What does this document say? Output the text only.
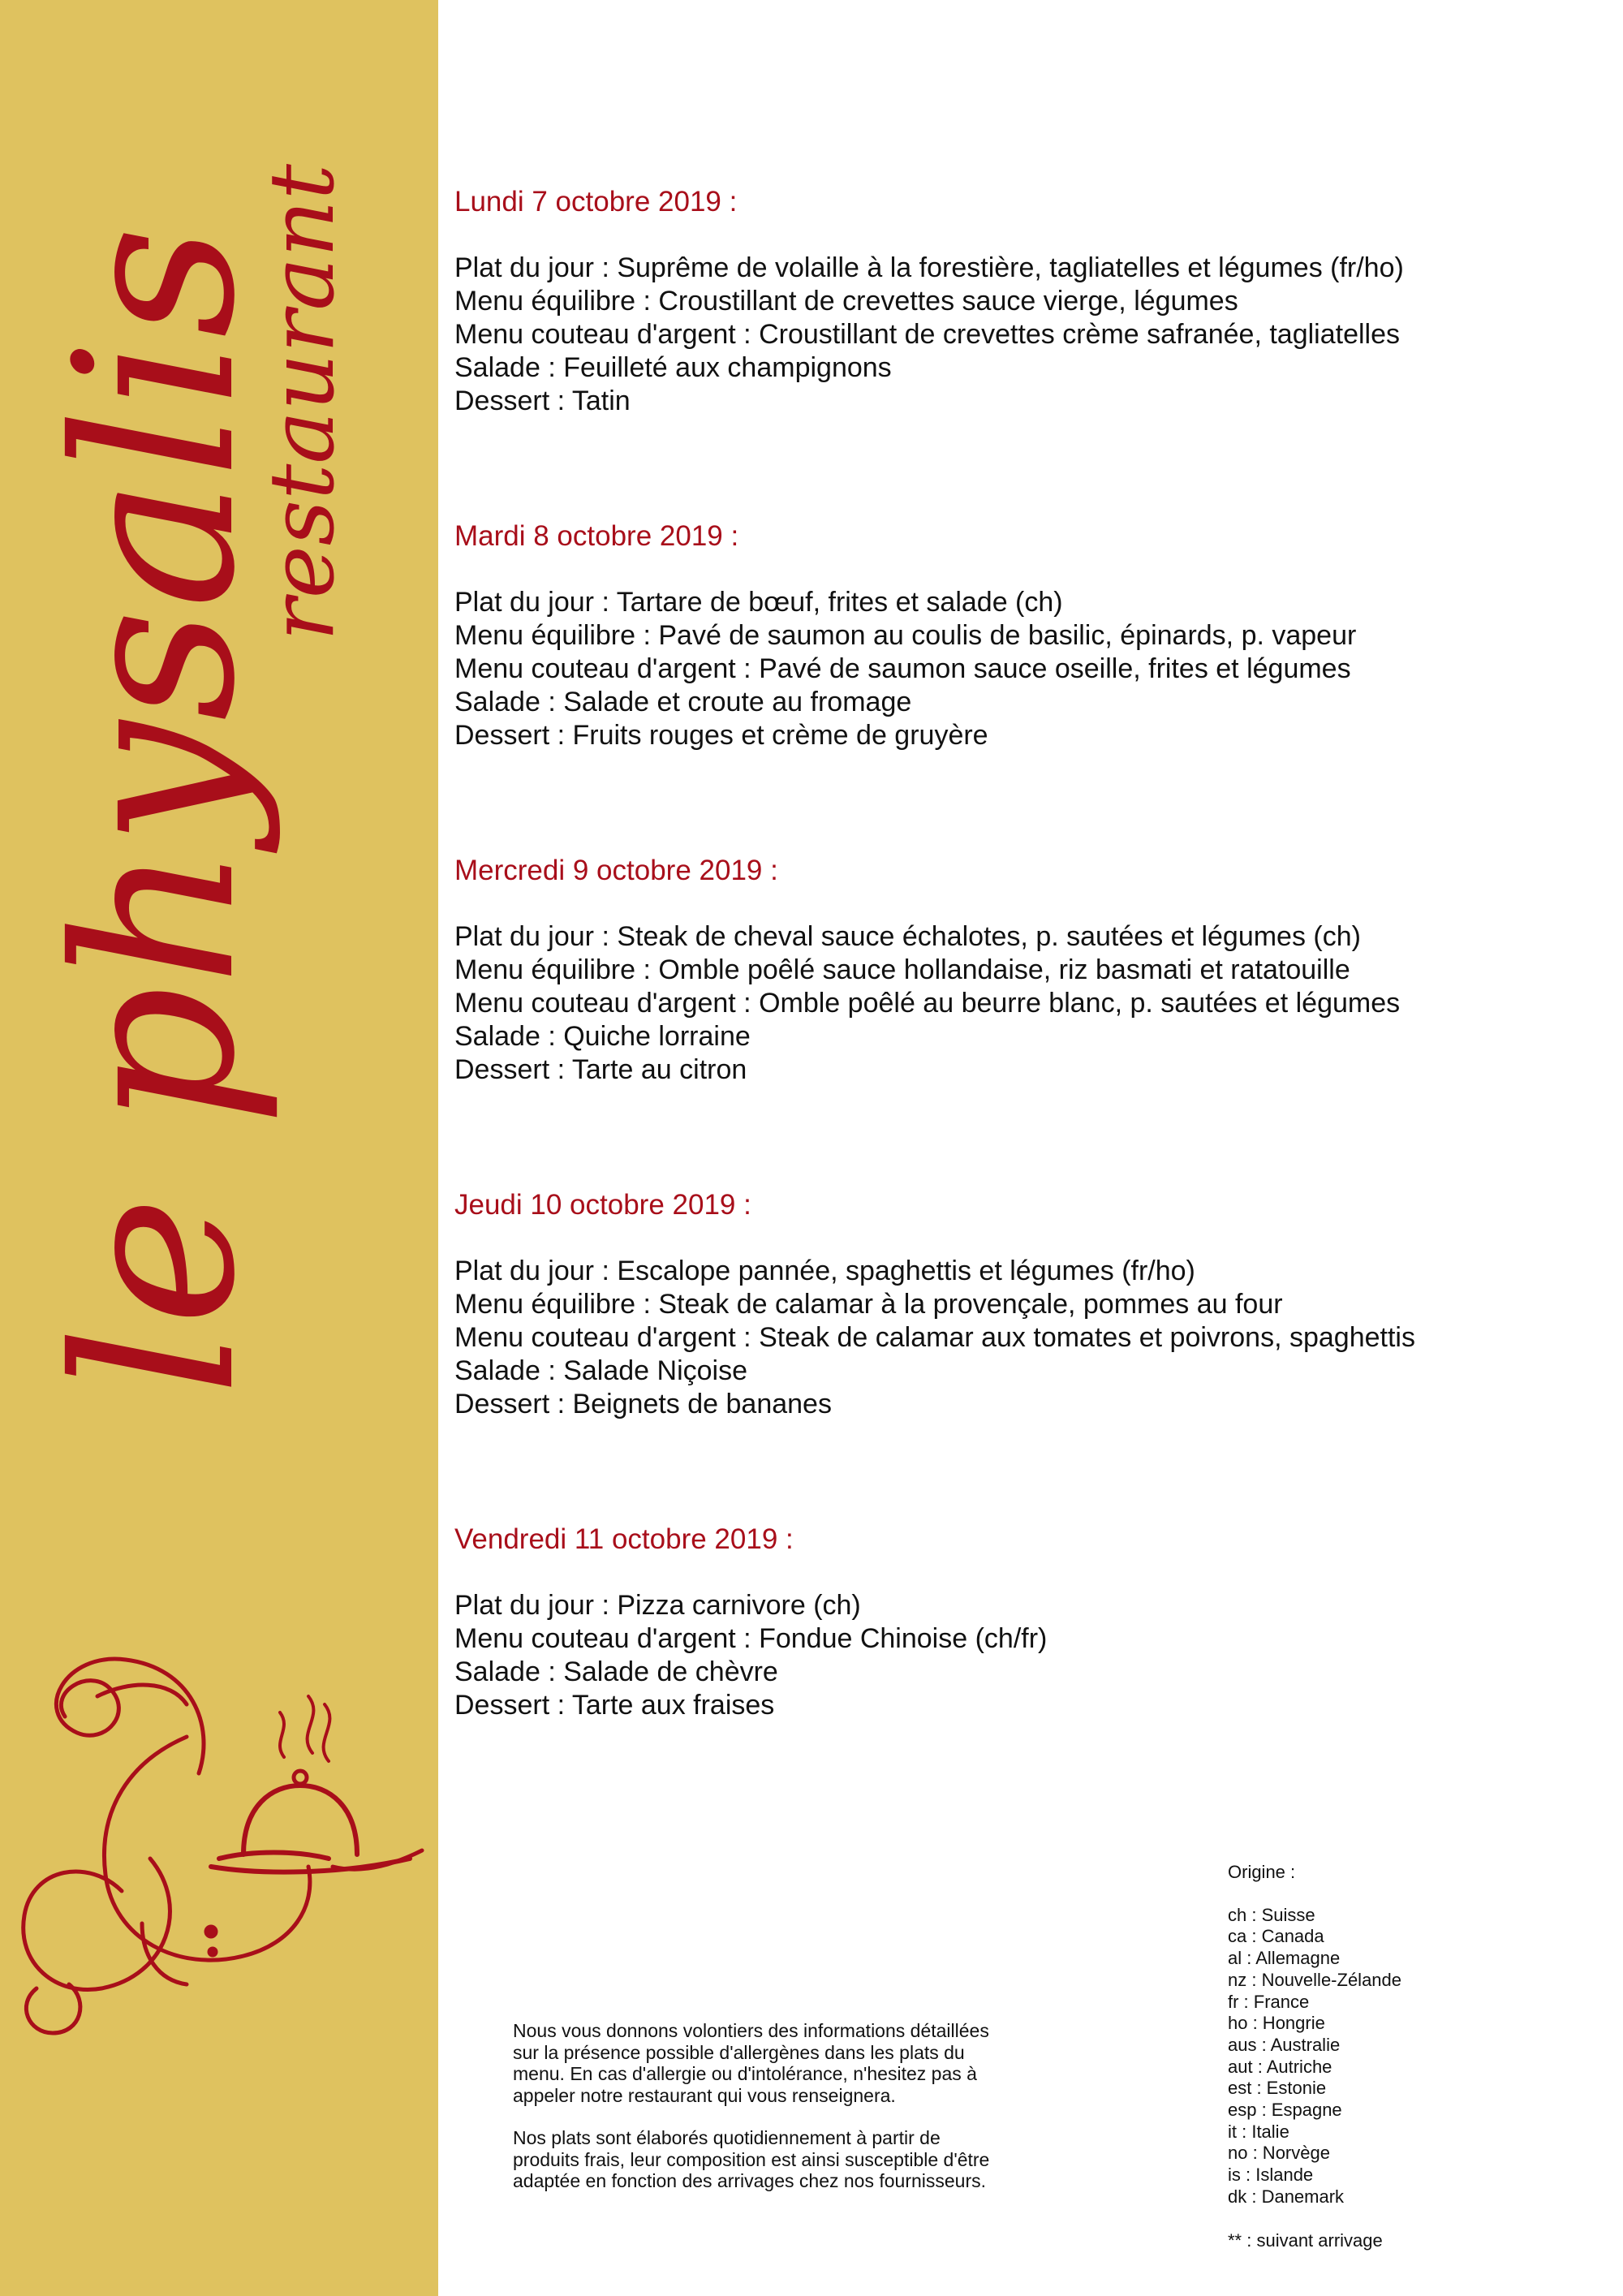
le physalis
restaurant	Lundi 7 octobre 2019 :
Plat du jour : Suprême de volaille à la forestière, tagliatelles et légumes (fr/ho)
Menu équilibre : Croustillant de crevettes sauce vierge, légumes
Menu couteau d'argent : Croustillant de crevettes crème safranée, tagliatelles
Salade : Feuilleté aux champignons
Dessert : Tatin
Mardi 8 octobre 2019 :
Plat du jour : Tartare de bœuf, frites et salade (ch)
Menu équilibre : Pavé de saumon au coulis de basilic, épinards, p. vapeur
Menu couteau d'argent : Pavé de saumon sauce oseille, frites et légumes
Salade : Salade et croute au fromage
Dessert : Fruits rouges et crème de gruyère
Mercredi 9 octobre 2019 :
Plat du jour : Steak de cheval sauce échalotes, p. sautées et légumes (ch)
Menu équilibre : Omble poêlé sauce hollandaise, riz basmati et ratatouille
Menu couteau d'argent : Omble poêlé au beurre blanc, p. sautées et légumes
Salade : Quiche lorraine
Dessert : Tarte au citron
Jeudi 10 octobre 2019 :
Plat du jour : Escalope pannée, spaghettis et légumes (fr/ho)
Menu équilibre : Steak de calamar à la provençale, pommes au four
Menu couteau d'argent : Steak de calamar aux tomates et poivrons, spaghettis
Salade : Salade Niçoise
Dessert : Beignets de bananes
Vendredi 11 octobre 2019 :
Plat du jour : Pizza carnivore (ch)
Menu couteau d'argent : Fondue Chinoise (ch/fr)
Salade : Salade de chèvre
Dessert : Tarte aux fraises

Nous vous donnons volontiers des informations détaillées
sur la présence possible d'allergènes dans les plats du
menu. En cas d'allergie ou d'intolérance, n'hesitez pas à
appeler notre restaurant qui vous renseignera.

Nos plats sont élaborés quotidiennement à partir de
produits frais, leur composition est ainsi susceptible d'être
adaptée en fonction des arrivages chez nos fournisseurs.

Origine :
ch : Suisse
ca : Canada
al : Allemagne
nz : Nouvelle-Zélande
fr : France
ho : Hongrie
aus : Australie
aut : Autriche
est : Estonie
esp : Espagne
it : Italie
no : Norvège
is : Islande
dk : Danemark
** : suivant arrivage
